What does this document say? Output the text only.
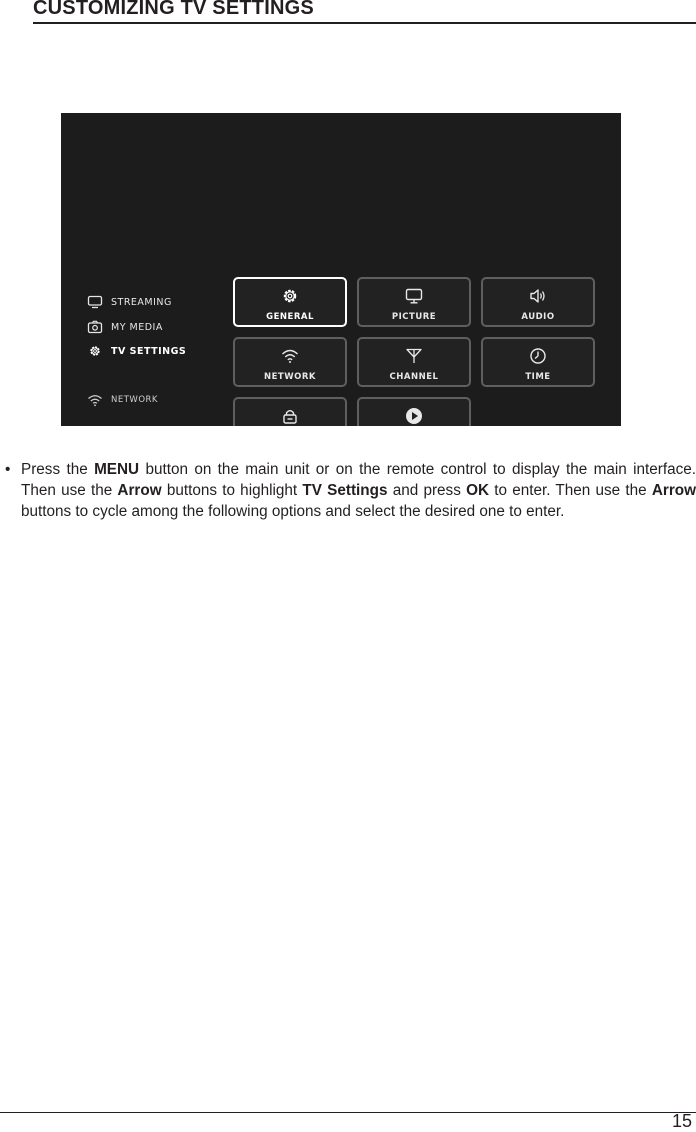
CUSTOMIZING TV SETTINGS
STREAMING
MY MEDIA
TV SETTINGS
NETWORK
GENERAL	PICTURE	AUDIO
NETWORK	CHANNEL	TIME
• Press the MENU button on the main unit or on the remote control to display the main interface. Then use the Arrow buttons to highlight TV Settings and press OK to enter. Then use the Arrow buttons to cycle among the following options and select the desired one to enter.
15
